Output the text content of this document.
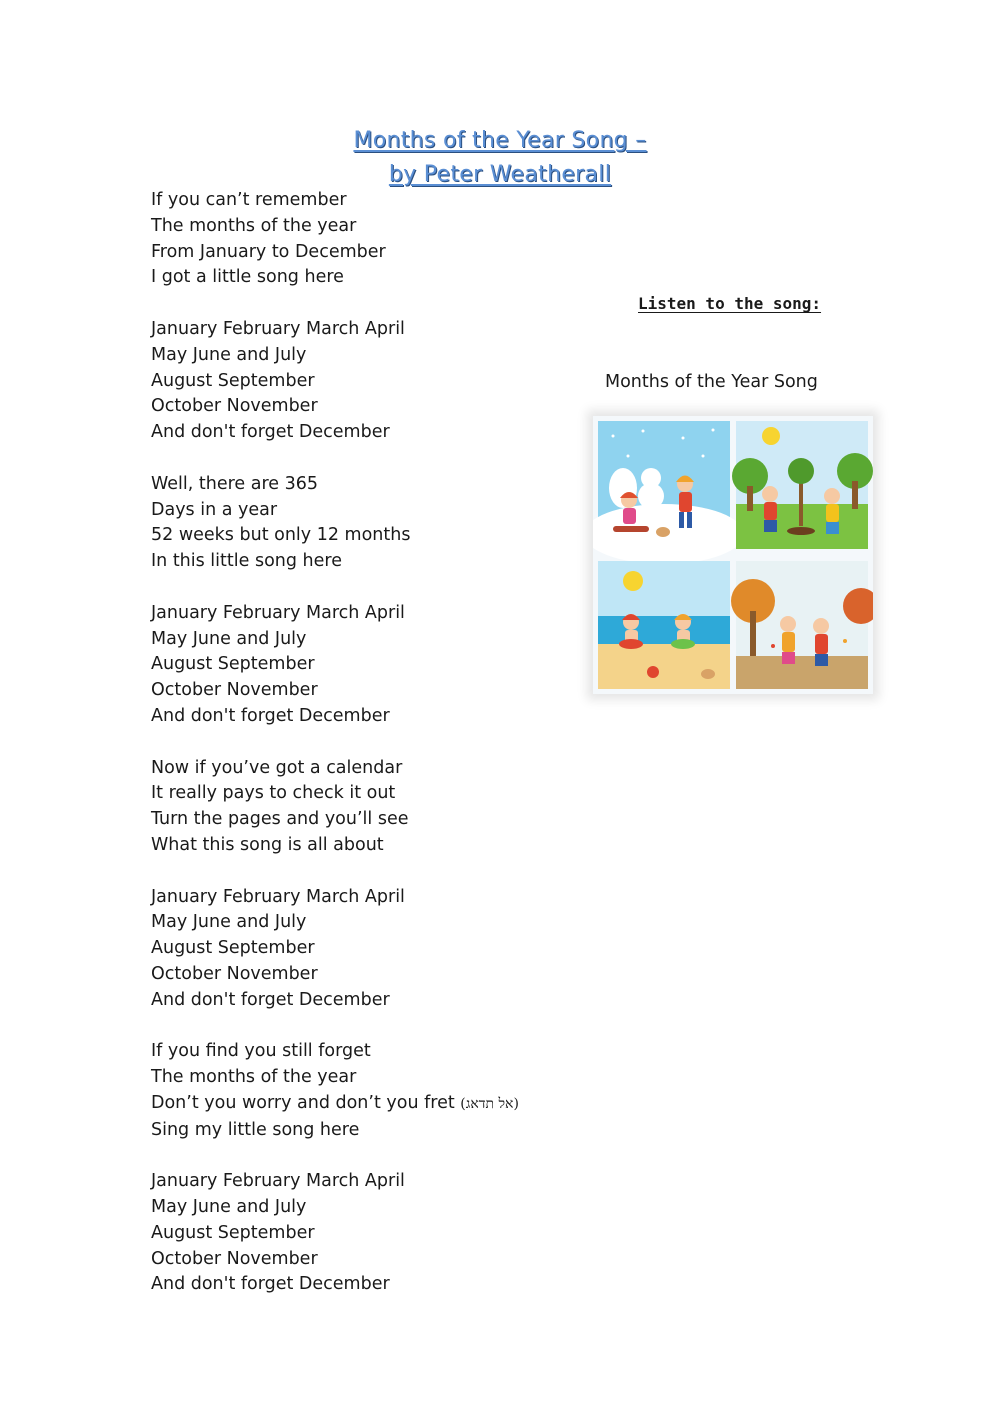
Months of the Year Song –
by Peter Weatherall
If you can’t remember
The months of the year
From January to December
I got a little song here
January February March April
May June and July
August September
October November
And don't forget December
Well, there are 365
Days in a year
52 weeks but only 12 months
In this little song here
January February March April
May June and July
August September
October November
And don't forget December
Now if you’ve got a calendar
It really pays to check it out
Turn the pages and you’ll see
What this song is all about
January February March April
May June and July
August September
October November
And don't forget December
If you find you still forget
The months of the year
Don’t you worry and don’t you fret (אל תדאג)
Sing my little song here
January February March April
May June and July
August September
October November
And don't forget December
Listen to the song:
Months of the Year Song
